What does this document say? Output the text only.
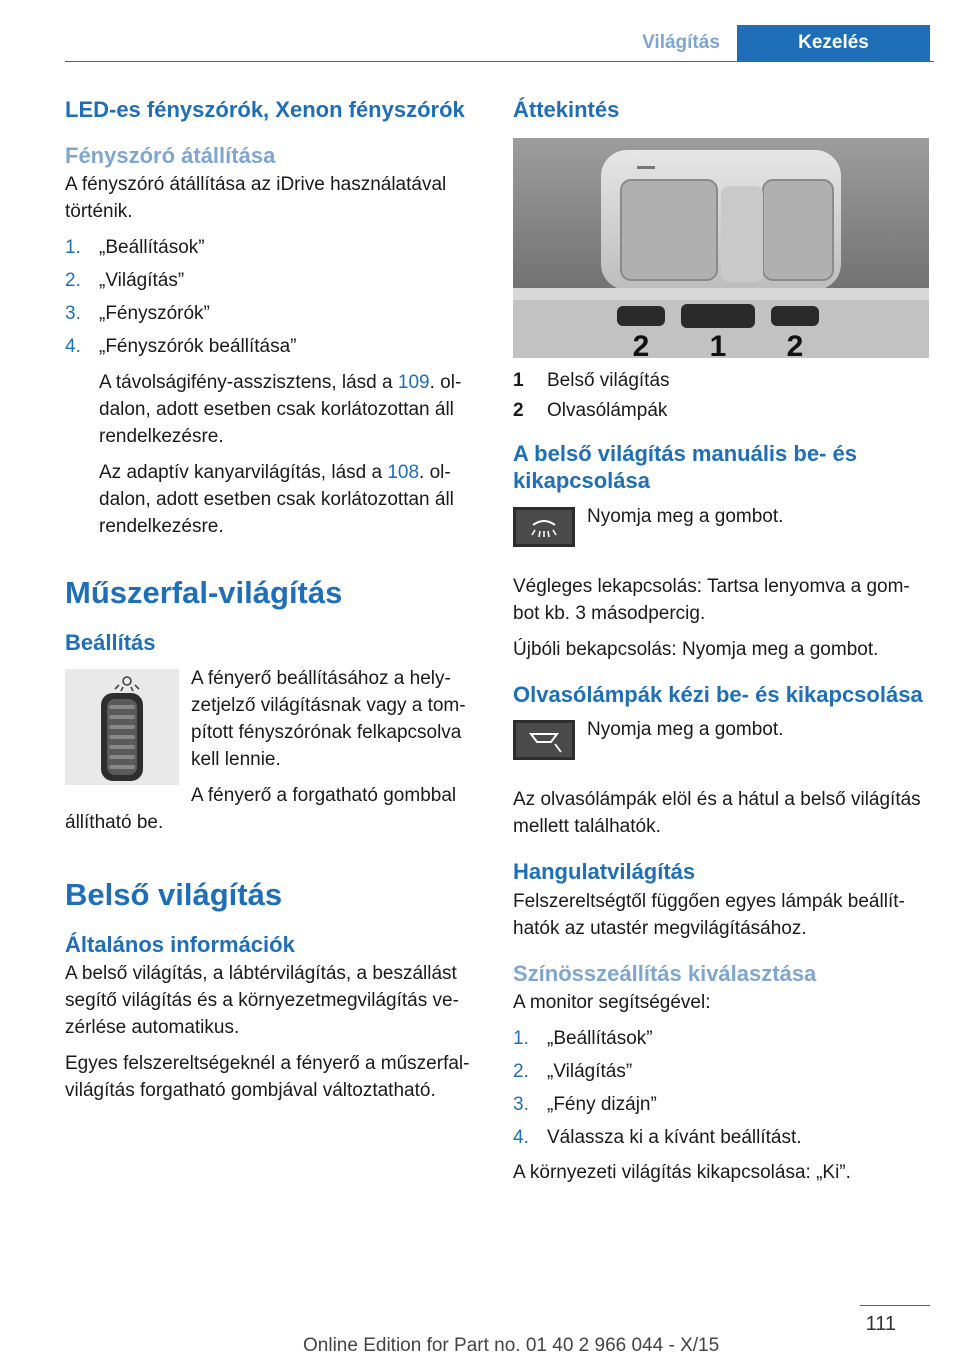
Világítás	Kezelés
LED-es fényszórók, Xenon fényszórók
Fényszóró átállítása

A fényszóró átállítása az iDrive használatával történik.

1. „Beállítások”
2. „Világítás”
3. „Fényszórók”
4. „Fényszórók beállítása”

A távolságifény-asszisztens, lásd a 109. oldalon, adott esetben csak korlátozottan áll rendelkezésre.

Az adaptív kanyarvilágítás, lásd a 108. oldalon, adott esetben csak korlátozottan áll rendelkezésre.

Műszerfal-világítás
Beállítás

A fényerő beállításához a helyzetjelző világításnak vagy a tompított fényszórónak felkapcsolva kell lennie.

A fényerő a forgatható gombbal állítható be.

Belső világítás
Általános információk

A belső világítás, a lábtérvilágítás, a beszállást segítő világítás és a környezetmegvilágítás vezérlése automatikus.

Egyes felszereltségeknél a fényerő a műszerfal-világítás forgatható gombjával változtatható.

Áttekintés
2 1 2
1 Belső világítás
2 Olvasólámpák
A belső világítás manuális be- és kikapcsolása

Nyomja meg a gombot.

Végleges lekapcsolás: Tartsa lenyomva a gombot kb. 3 másodpercig.

Újbóli bekapcsolás: Nyomja meg a gombot.

Olvasólámpák kézi be- és kikapcsolása

Nyomja meg a gombot.

Az olvasólámpák elöl és a hátul a belső világítás mellett találhatók.

Hangulatvilágítás

Felszereltségtől függően egyes lámpák beállíthatók az utastér megvilágításához.

Színösszeállítás kiválasztása

A monitor segítségével:

1. „Beállítások”
2. „Világítás”
3. „Fény dizájn”
4. Válassza ki a kívánt beállítást.

A környezeti világítás kikapcsolása: „Ki”.

111
Online Edition for Part no. 01 40 2 966 044 - X/15
